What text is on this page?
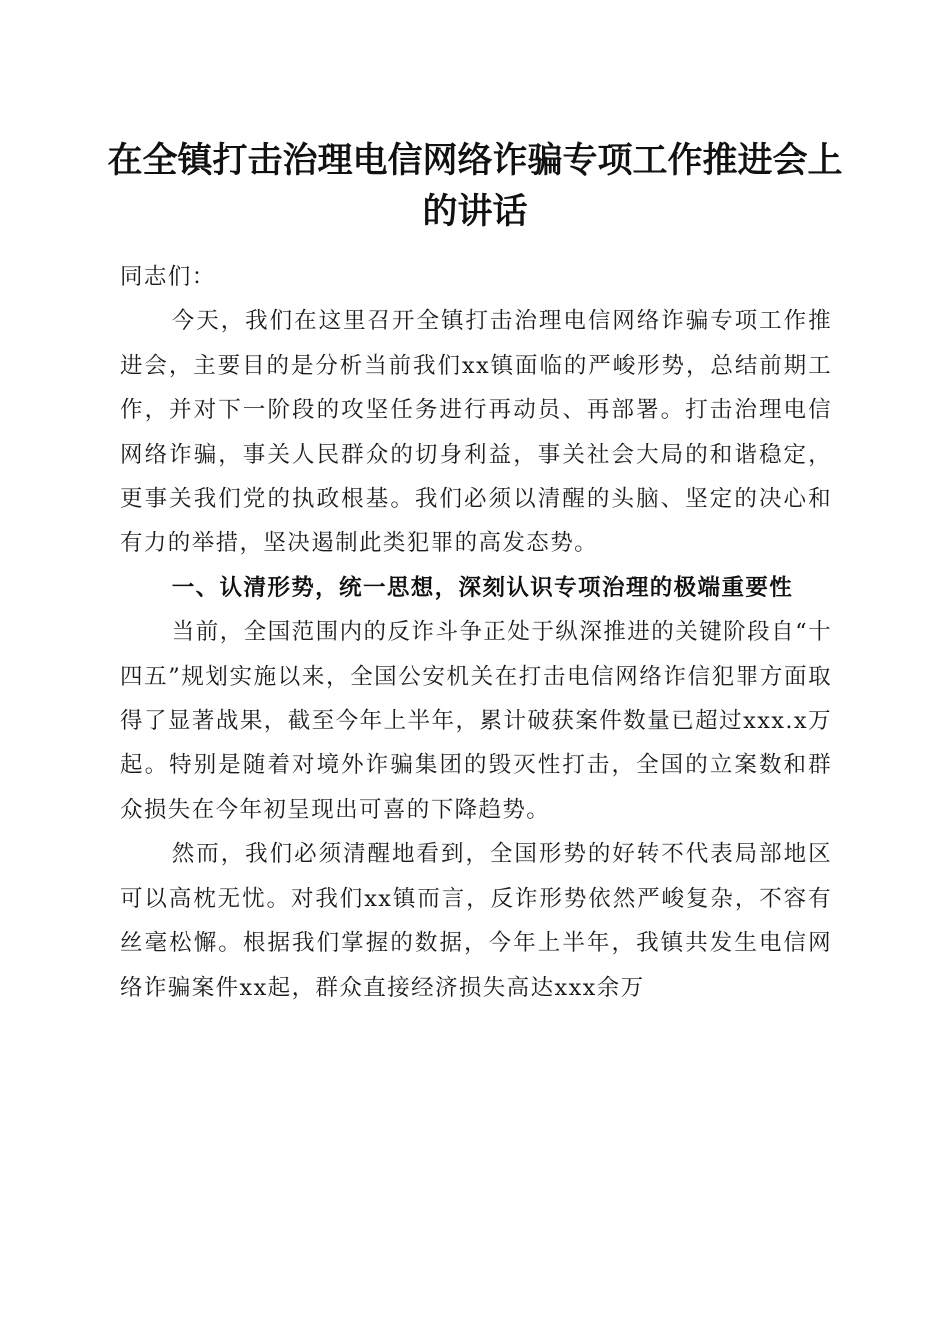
在全镇打击治理电信网络诈骗专项工作推进会上的讲话

同志们：

今天，我们在这里召开全镇打击治理电信网络诈骗专项工作推进会，主要目的是分析当前我们xx镇面临的严峻形势，总结前期工作，并对下一阶段的攻坚任务进行再动员、再部署。打击治理电信网络诈骗，事关人民群众的切身利益，事关社会大局的和谐稳定，更事关我们党的执政根基。我们必须以清醒的头脑、坚定的决心和有力的举措，坚决遏制此类犯罪的高发态势。

一、认清形势，统一思想，深刻认识专项治理的极端重要性

当前，全国范围内的反诈斗争正处于纵深推进的关键阶段自“十四五”规划实施以来，全国公安机关在打击电信网络诈信犯罪方面取得了显著战果，截至今年上半年，累计破获案件数量已超过xxx.x万起。特别是随着对境外诈骗集团的毁灭性打击，全国的立案数和群众损失在今年初呈现出可喜的下降趋势。

然而，我们必须清醒地看到，全国形势的好转不代表局部地区可以高枕无忧。对我们xx镇而言，反诈形势依然严峻复杂，不容有丝毫松懈。根据我们掌握的数据，今年上半年，我镇共发生电信网络诈骗案件xx起，群众直接经济损失高达xxx余万
